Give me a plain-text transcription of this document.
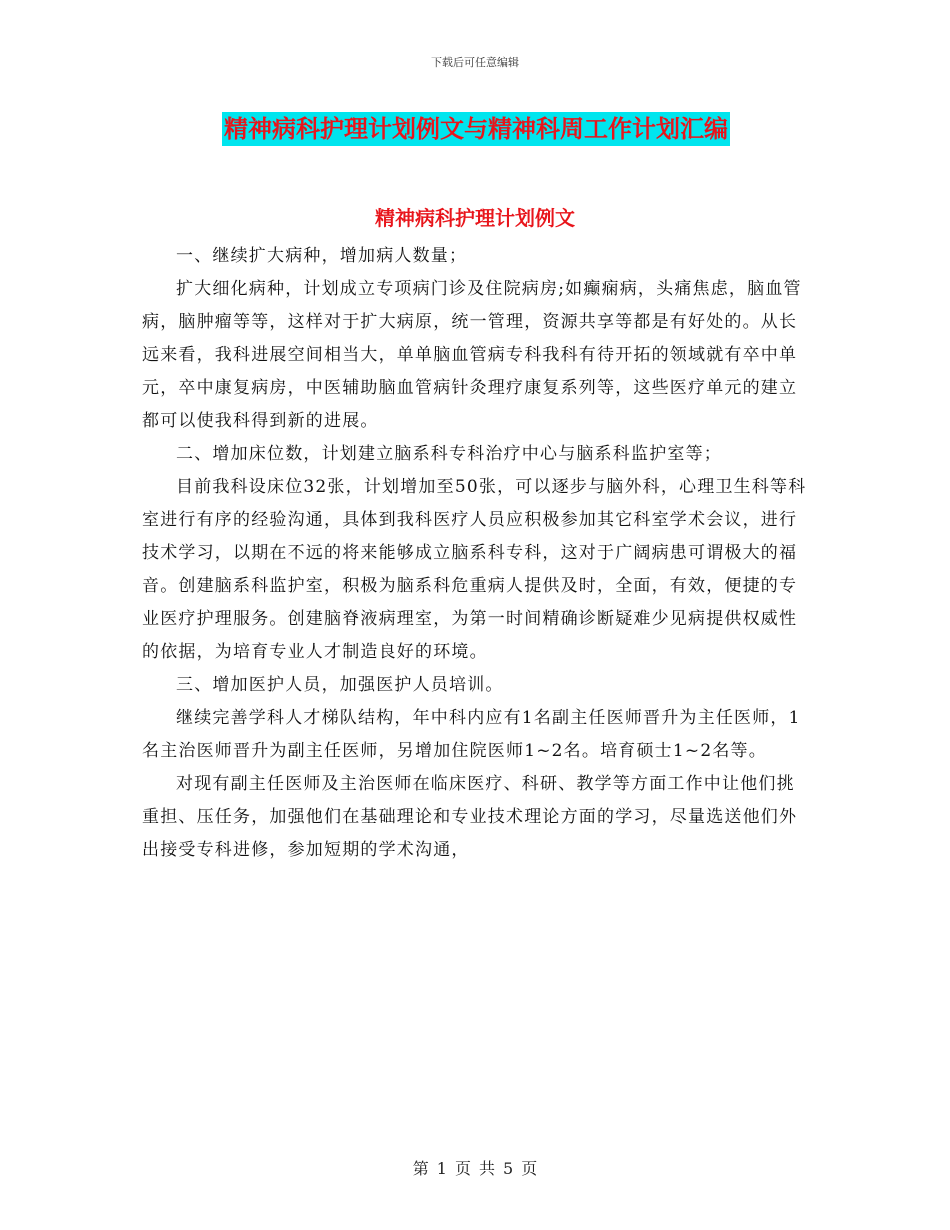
下载后可任意编辑
精神病科护理计划例文与精神科周工作计划汇编
精神病科护理计划例文

一、继续扩大病种，增加病人数量；

扩大细化病种，计划成立专项病门诊及住院病房;如癫痫病，头痛焦虑，脑血管病，脑肿瘤等等，这样对于扩大病原，统一管理，资源共享等都是有好处的。从长远来看，我科进展空间相当大，单单脑血管病专科我科有待开拓的领域就有卒中单元，卒中康复病房，中医辅助脑血管病针灸理疗康复系列等，这些医疗单元的建立都可以使我科得到新的进展。

二、增加床位数，计划建立脑系科专科治疗中心与脑系科监护室等；

目前我科设床位32张，计划增加至50张，可以逐步与脑外科，心理卫生科等科室进行有序的经验沟通，具体到我科医疗人员应积极参加其它科室学术会议，进行技术学习，以期在不远的将来能够成立脑系科专科，这对于广阔病患可谓极大的福音。创建脑系科监护室，积极为脑系科危重病人提供及时，全面，有效，便捷的专业医疗护理服务。创建脑脊液病理室，为第一时间精确诊断疑难少见病提供权威性的依据，为培育专业人才制造良好的环境。

三、增加医护人员，加强医护人员培训。

继续完善学科人才梯队结构，年中科内应有1名副主任医师晋升为主任医师，1名主治医师晋升为副主任医师，另增加住院医师1~2名。培育硕士1~2名等。

对现有副主任医师及主治医师在临床医疗、科研、教学等方面工作中让他们挑重担、压任务，加强他们在基础理论和专业技术理论方面的学习，尽量选送他们外出接受专科进修，参加短期的学术沟通，

第 1 页 共 5 页
